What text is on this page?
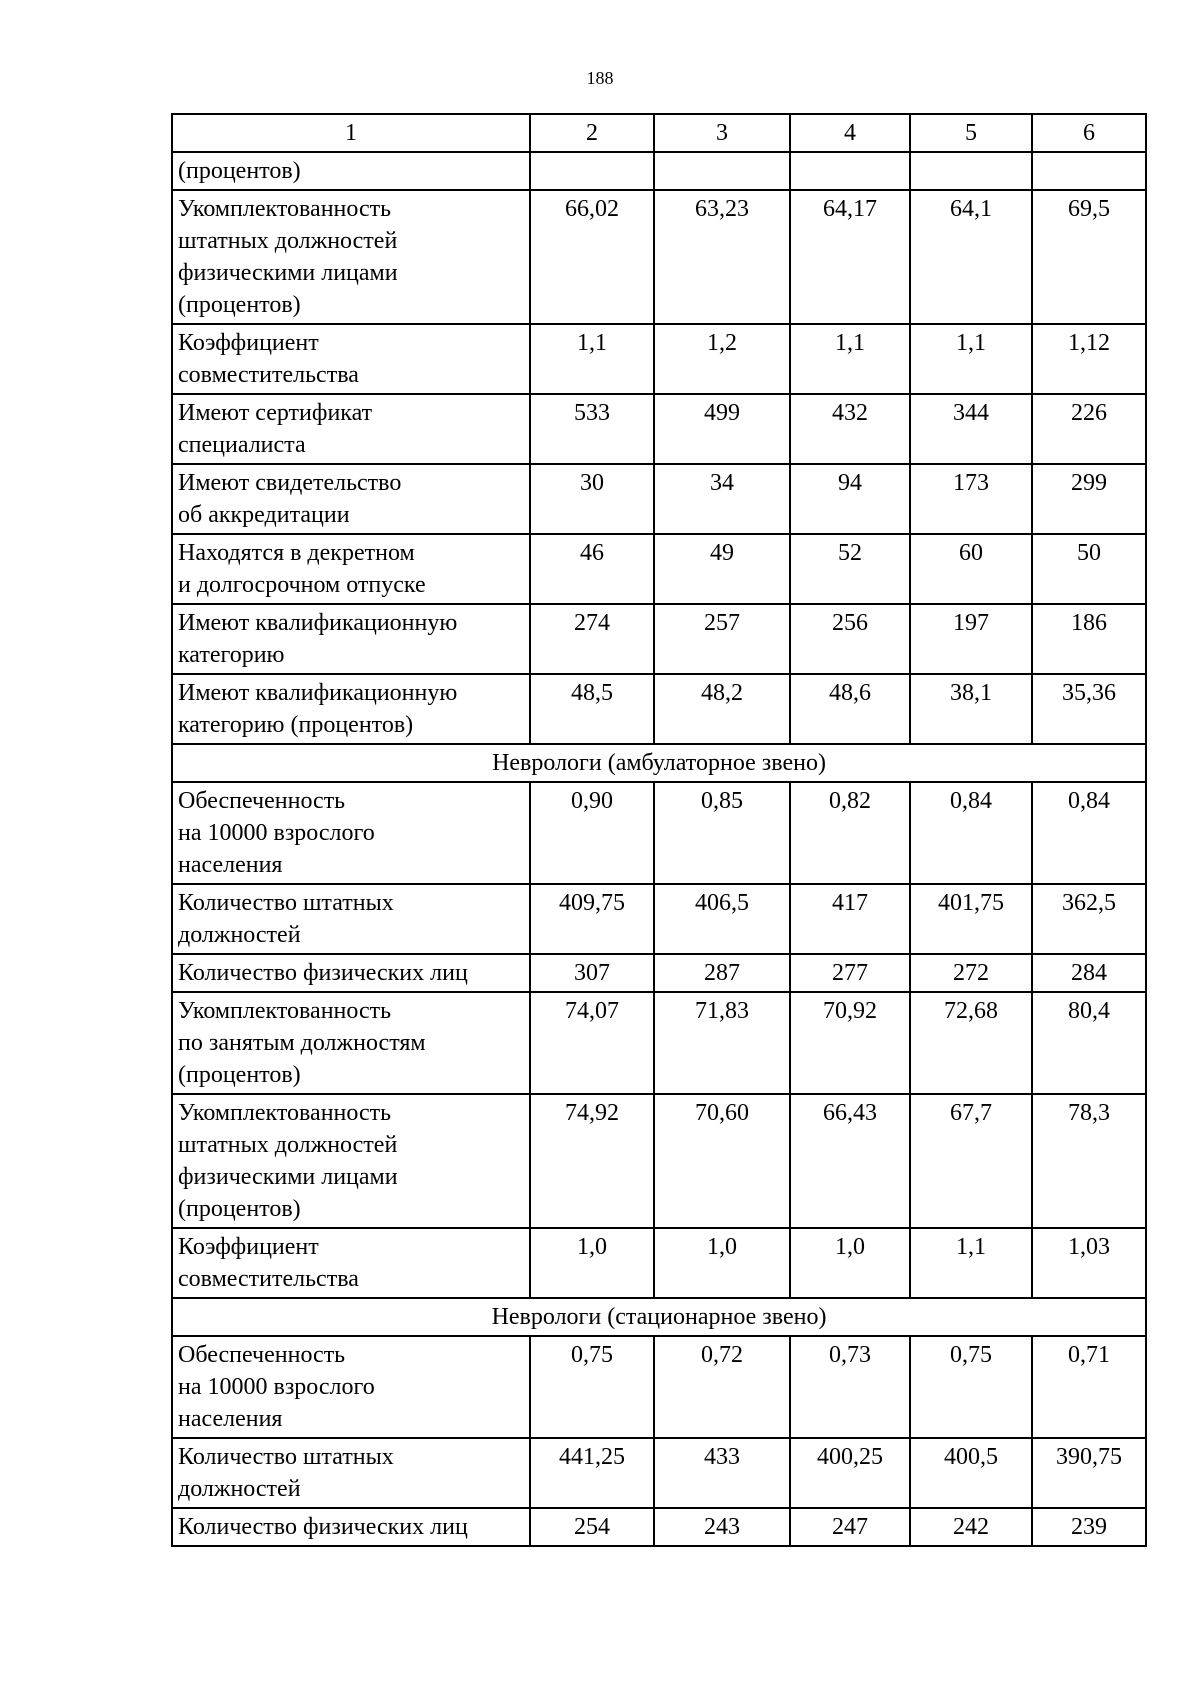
188
1	2	3	4	5	6
(процентов)					
Укомплектованность
штатных должностей
физическими лицами
(процентов)	66,02	63,23	64,17	64,1	69,5
Коэффициент
совместительства	1,1	1,2	1,1	1,1	1,12
Имеют сертификат
специалиста	533	499	432	344	226
Имеют свидетельство
об аккредитации	30	34	94	173	299
Находятся в декретном
и долгосрочном отпуске	46	49	52	60	50
Имеют квалификационную
категорию	274	257	256	197	186
Имеют квалификационную
категорию (процентов)	48,5	48,2	48,6	38,1	35,36
Неврологи (амбулаторное звено)					
Обеспеченность
на 10000 взрослого
населения	0,90	0,85	0,82	0,84	0,84
Количество штатных
должностей	409,75	406,5	417	401,75	362,5
Количество физических лиц	307	287	277	272	284
Укомплектованность
по занятым должностям
(процентов)	74,07	71,83	70,92	72,68	80,4
Укомплектованность
штатных должностей
физическими лицами
(процентов)	74,92	70,60	66,43	67,7	78,3
Коэффициент
совместительства	1,0	1,0	1,0	1,1	1,03
Неврологи (стационарное звено)					
Обеспеченность
на 10000 взрослого
населения	0,75	0,72	0,73	0,75	0,71
Количество штатных
должностей	441,25	433	400,25	400,5	390,75
Количество физических лиц	254	243	247	242	239
